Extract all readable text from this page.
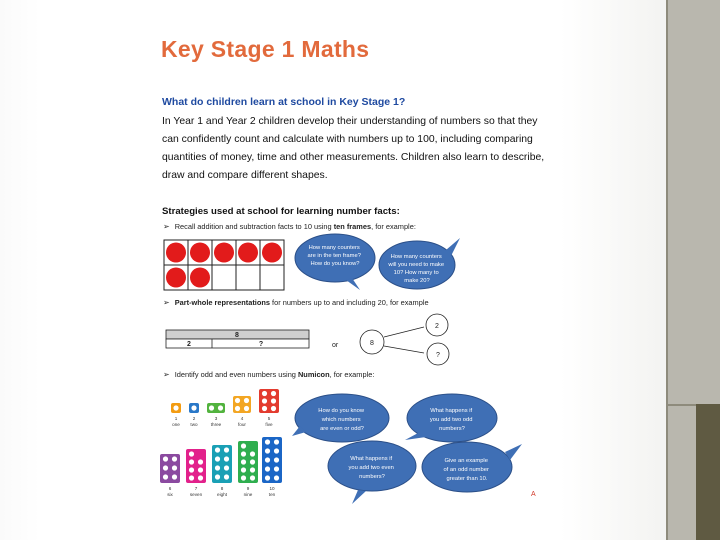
Key Stage 1 Maths
What do children learn at school in Key Stage 1?
In Year 1 and Year 2 children develop their understanding of numbers so that they can confidently count and calculate with numbers up to 100, including comparing quantities of money, time and other measurements. Children also learn to describe, draw and compare different shapes.
Strategies used at school for learning number facts:
➢ Recall addition and subtraction facts to 10 using ten frames, for example:
➢ Part-whole representations for numbers up to and including 20, for example
➢ Identify odd and even numbers using Numicon, for example:
How many counters are in the ten frame? How do you know?
How many counters will you need to make 10? How many to make 20?
8
2	?	or	8
2
?
1	2	3	4	5
one two	three	four	five
6	7	8	9	10
six	seven	eight	nine	ten
How do you know which numbers are even or odd?
What happens if you add two odd numbers?
What happens if you add two even numbers?
Give an example of an odd number greater than 10.
A
